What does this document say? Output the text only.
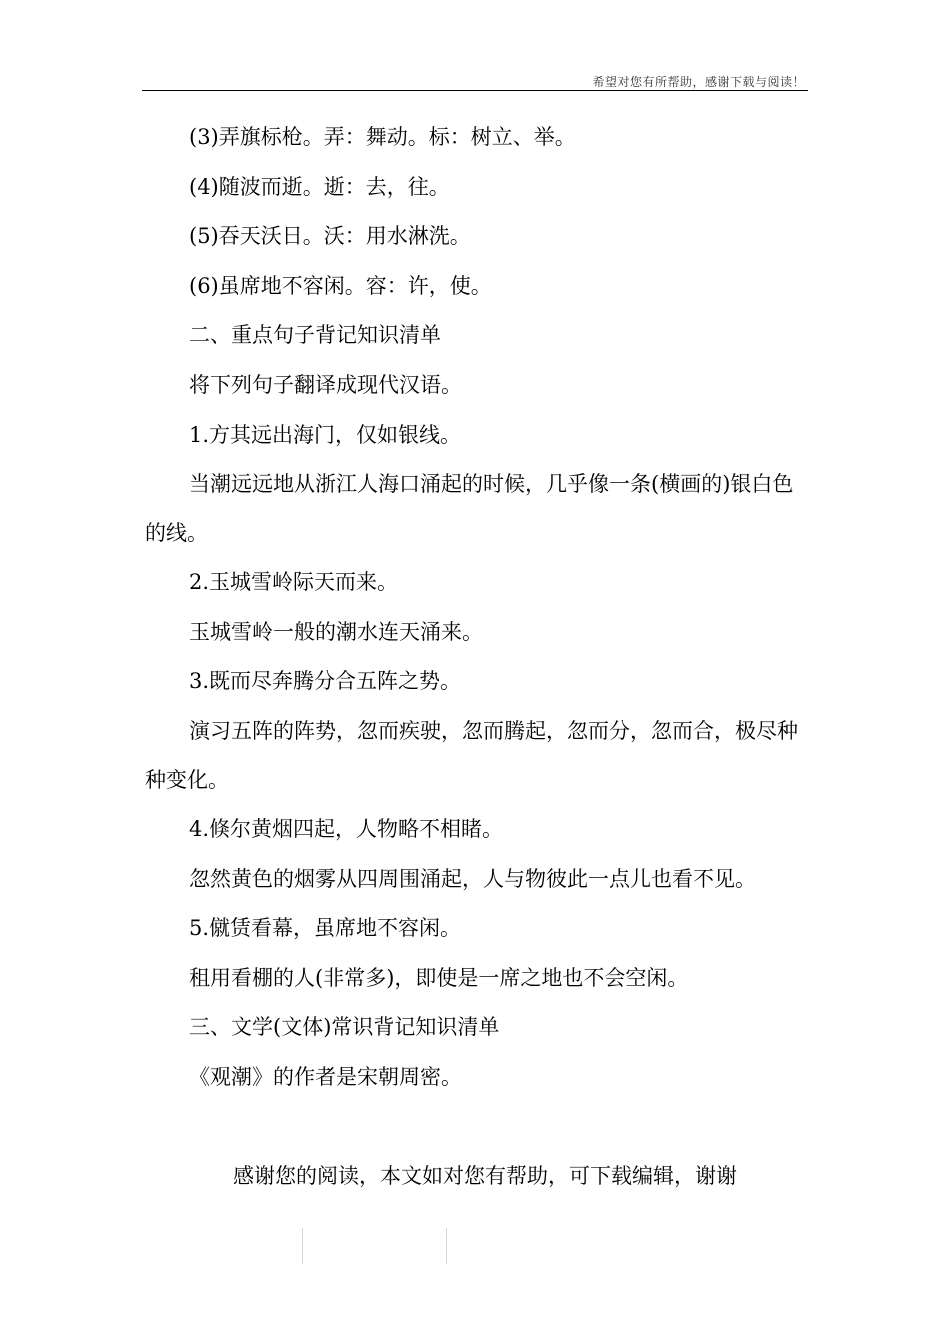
希望对您有所帮助，感谢下载与阅读！

(3)弄旗标枪。弄：舞动。标：树立、举。

(4)随波而逝。逝：去，往。

(5)吞天沃日。沃：用水淋洗。

(6)虽席地不容闲。容：许，使。

二、重点句子背记知识清单

将下列句子翻译成现代汉语。

1.方其远出海门，仅如银线。

当潮远远地从浙江人海口涌起的时候，几乎像一条(横画的)银白色的线。

2.玉城雪岭际天而来。

玉城雪岭一般的潮水连天涌来。

3.既而尽奔腾分合五阵之势。

演习五阵的阵势，忽而疾驶，忽而腾起，忽而分，忽而合，极尽种种变化。

4.倏尔黄烟四起，人物略不相睹。

忽然黄色的烟雾从四周围涌起，人与物彼此一点儿也看不见。

5.僦赁看幕，虽席地不容闲。

租用看棚的人(非常多)，即使是一席之地也不会空闲。

三、文学(文体)常识背记知识清单

《观潮》的作者是宋朝周密。

感谢您的阅读，本文如对您有帮助，可下载编辑，谢谢
